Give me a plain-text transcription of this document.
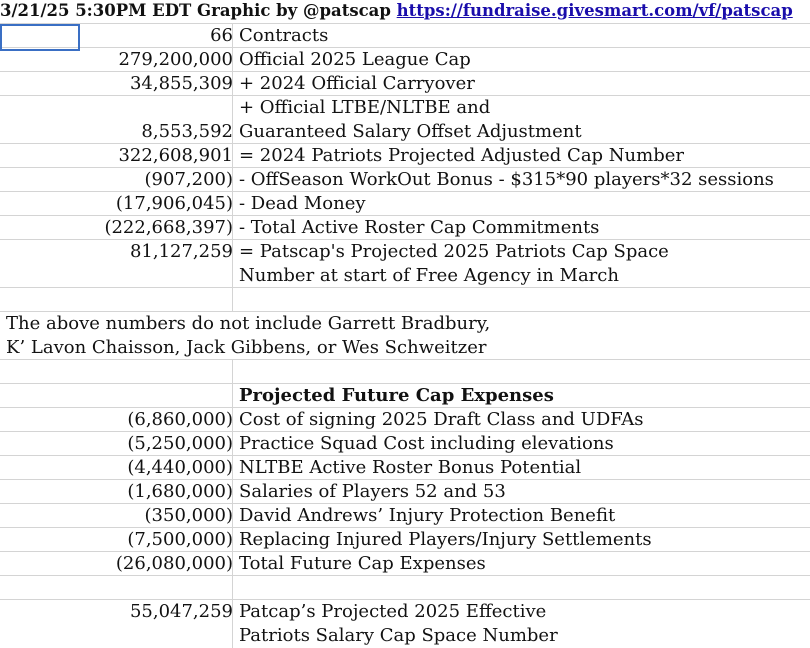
3/21/25 5:30PM EDT Graphic by @patscap https://fundraise.givesmart.com/vf/patscap
66 Contracts
279,200,000 Official 2025 League Cap
34,855,309 + 2024 Official Carryover
+ Official LTBE/NLTBE and
8,553,592 Guaranteed Salary Offset Adjustment
322,608,901 = 2024 Patriots Projected Adjusted Cap Number
(907,200) - OffSeason WorkOut Bonus - $315*90 players*32 sessions
(17,906,045) - Dead Money
(222,668,397) - Total Active Roster Cap Commitments
81,127,259 = Patscap's Projected 2025 Patriots Cap Space
Number at start of Free Agency in March
The above numbers do not include Garrett Bradbury,
K’ Lavon Chaisson, Jack Gibbens, or Wes Schweitzer
Projected Future Cap Expenses
(6,860,000) Cost of signing 2025 Draft Class and UDFAs
(5,250,000) Practice Squad Cost including elevations
(4,440,000) NLTBE Active Roster Bonus Potential
(1,680,000) Salaries of Players 52 and 53
(350,000) David Andrews’ Injury Protection Benefit
(7,500,000) Replacing Injured Players/Injury Settlements
(26,080,000) Total Future Cap Expenses
55,047,259 Patcap’s Projected 2025 Effective
Patriots Salary Cap Space Number
